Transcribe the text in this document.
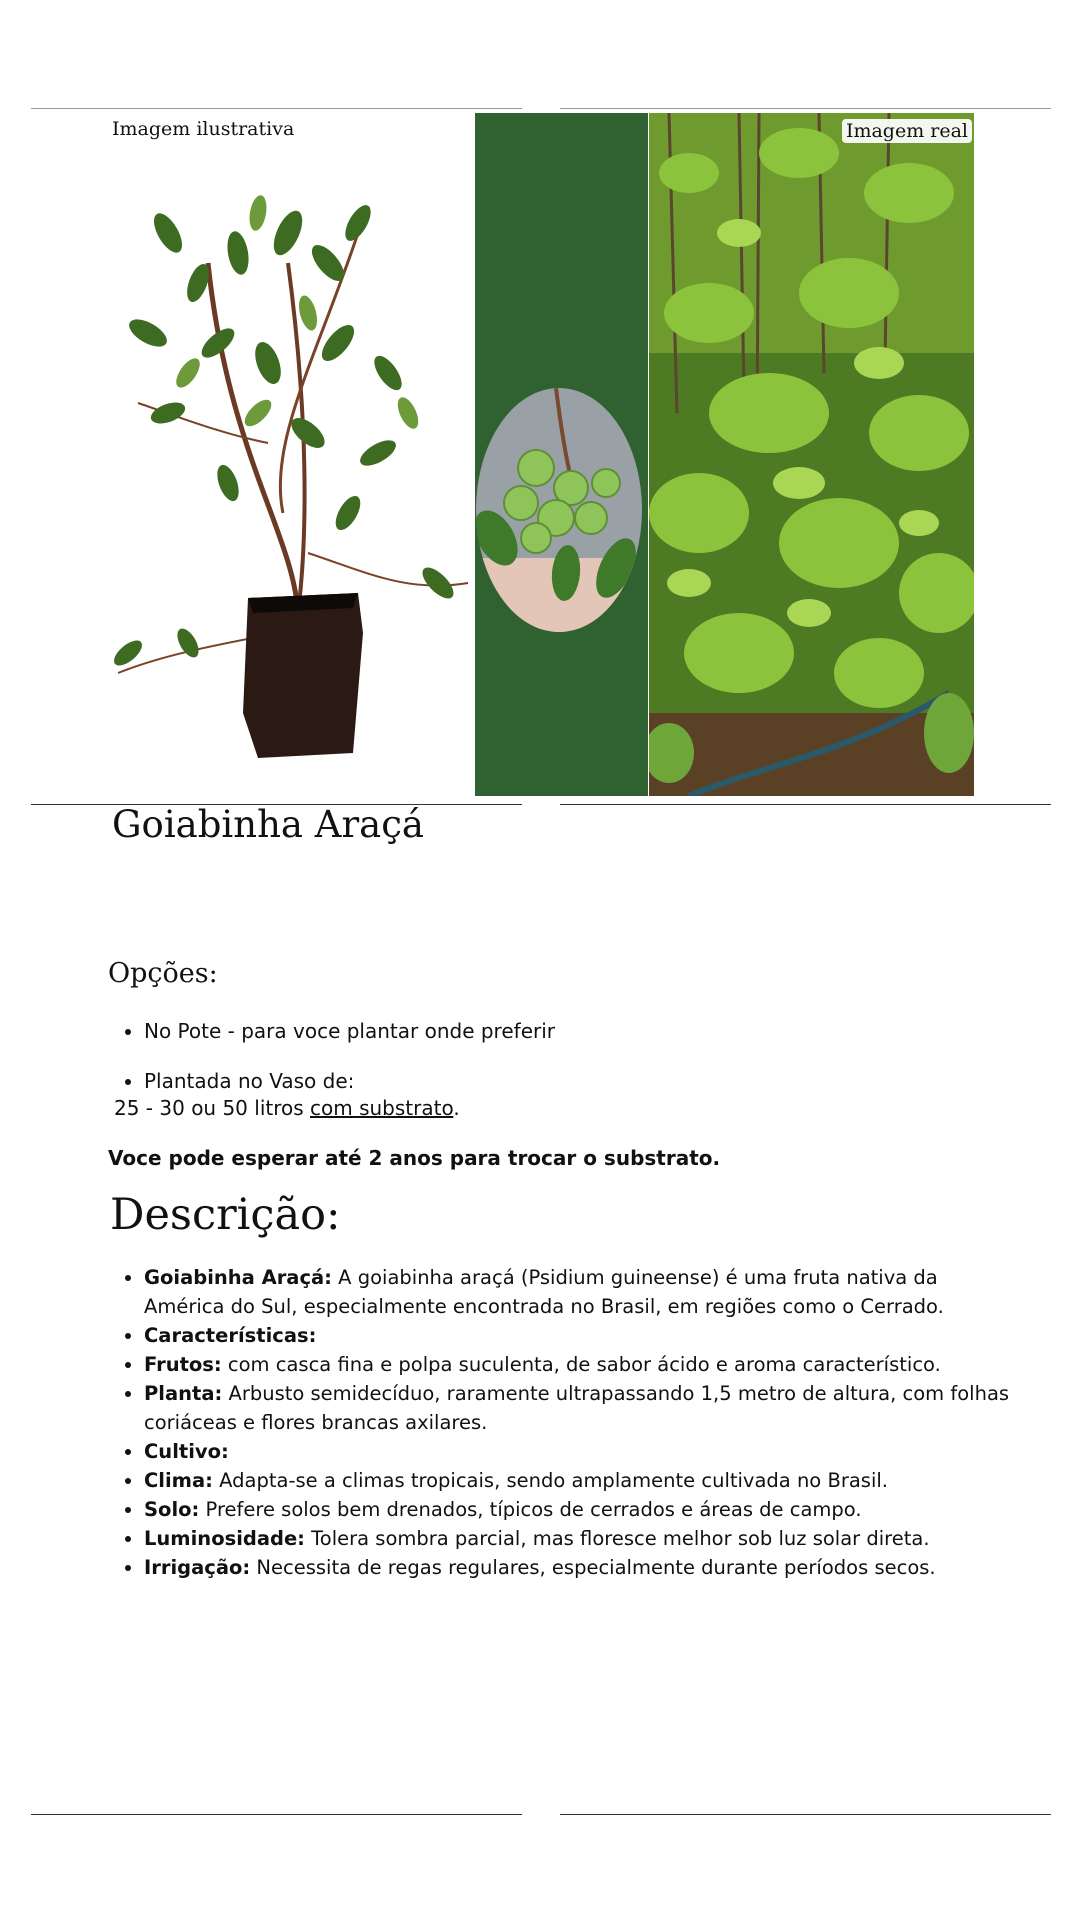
Imagem ilustrativa	Imagem real
Goiabinha Araçá
Opções:
• No Pote - para voce plantar onde preferir
• Plantada no Vaso de:
25 - 30 ou 50 litros com substrato.
Voce pode esperar até 2 anos para trocar o substrato.
Descrição:
• Goiabinha Araçá: A goiabinha araçá (Psidium guineense) é uma fruta nativa da América do Sul, especialmente encontrada no Brasil, em regiões como o Cerrado.
• Características:
• Frutos: com casca fina e polpa suculenta, de sabor ácido e aroma característico.
• Planta: Arbusto semidecíduo, raramente ultrapassando 1,5 metro de altura, com folhas coriáceas e flores brancas axilares.
• Cultivo:
• Clima: Adapta-se a climas tropicais, sendo amplamente cultivada no Brasil.
• Solo: Prefere solos bem drenados, típicos de cerrados e áreas de campo.
• Luminosidade: Tolera sombra parcial, mas floresce melhor sob luz solar direta.
• Irrigação: Necessita de regas regulares, especialmente durante períodos secos.
